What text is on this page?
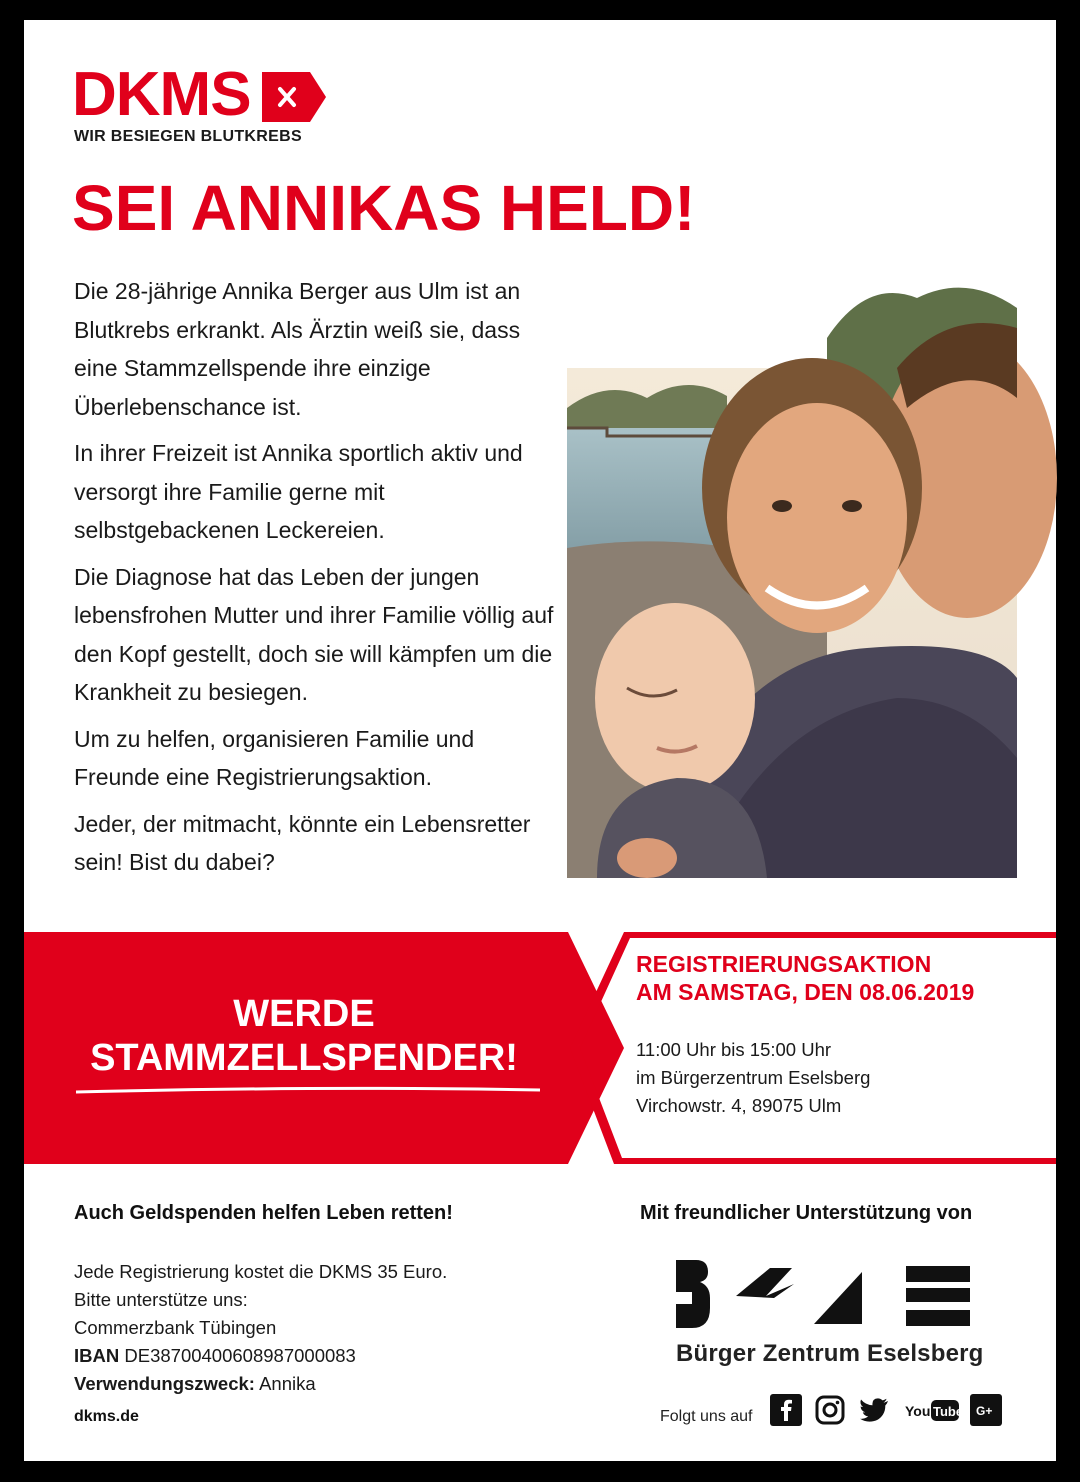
DKMS
WIR BESIEGEN BLUTKREBS
SEI ANNIKAS HELD!

Die 28-jährige Annika Berger aus Ulm ist an Blutkrebs erkrankt. Als Ärztin weiß sie, dass eine Stammzellspende ihre einzige Überlebenschance ist.

In ihrer Freizeit ist Annika sportlich aktiv und versorgt ihre Familie gerne mit selbstgebackenen Leckereien.

Die Diagnose hat das Leben der jungen lebensfrohen Mutter und ihrer Familie völlig auf den Kopf gestellt, doch sie will kämpfen um die Krankheit zu besiegen.

Um zu helfen, organisieren Familie und Freunde eine Registrierungsaktion.

Jeder, der mitmacht, könnte ein Lebensretter sein! Bist du dabei?

WERDE
STAMMZELLSPENDER!
REGISTRIERUNGSAKTION
AM SAMSTAG, DEN 08.06.2019
11:00 Uhr bis 15:00 Uhr
im Bürgerzentrum Eselsberg
Virchowstr. 4, 89075 Ulm
Auch Geldspenden helfen Leben retten!
Jede Registrierung kostet die DKMS 35 Euro.
Bitte unterstütze uns:
Commerzbank Tübingen
IBAN DE38700400608987000083
Verwendungszweck: Annika
dkms.de
Mit freundlicher Unterstützung von
Bürger Zentrum Eselsberg
Folgt uns auf	You Tube G+
